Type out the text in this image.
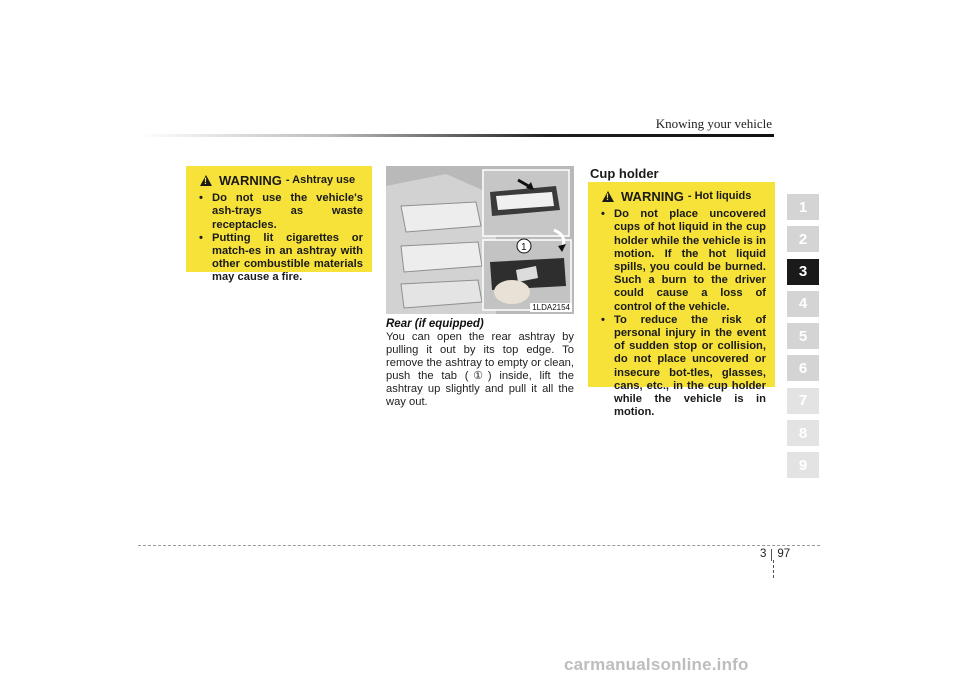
Knowing your vehicle
!
WARNING - Ashtray use
• Do not use the vehicle's ash-trays as waste receptacles.
• Putting lit cigarettes or match-es in an ashtray with other combustible materials may cause a fire.
1
1LDA2154
Rear (if equipped)
You can open the rear ashtray by pulling it out by its top edge. To remove the ashtray to empty or clean, push the tab (①) inside, lift the ashtray up slightly and pull it all the way out.
Cup holder
!
WARNING - Hot liquids
• Do not place uncovered cups of hot liquid in the cup holder while the vehicle is in motion. If the hot liquid spills, you could be burned. Such a burn to the driver could cause a loss of control of the vehicle.
• To reduce the risk of personal injury in the event of sudden stop or collision, do not place uncovered or insecure bot-tles, glasses, cans, etc., in the cup holder while the vehicle is in motion.
1
2
3
4
5
6
7
8
9
3 97
carmanualsonline.info
